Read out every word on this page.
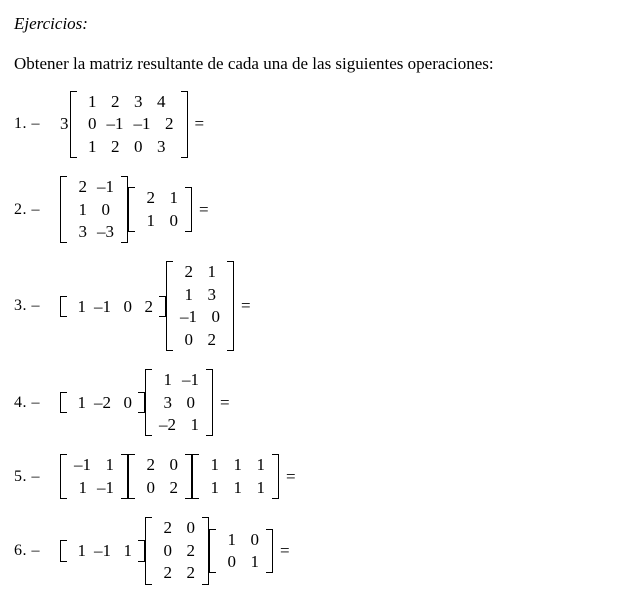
Ejercicios:
Obtener la matriz resultante de cada una de las siguientes operaciones:
1. –	3
1 2 3 4
0 –1 –1 2
1 2 0 3
=
2. –
2 –1
1 0
3 –3
2 1
1 0
=
3. –	1 –1 0 2
2 1
1 3
–1 0
0 2
=
4. –	1 –2 0
1 –1
3 0
–2 1
=
5. –
–1 1
1 –1
2 0
0 2
1 1 1
1 1 1
=
6. –	1 –1 1
2 0
0 2
2 2
1 0
0 1
=
